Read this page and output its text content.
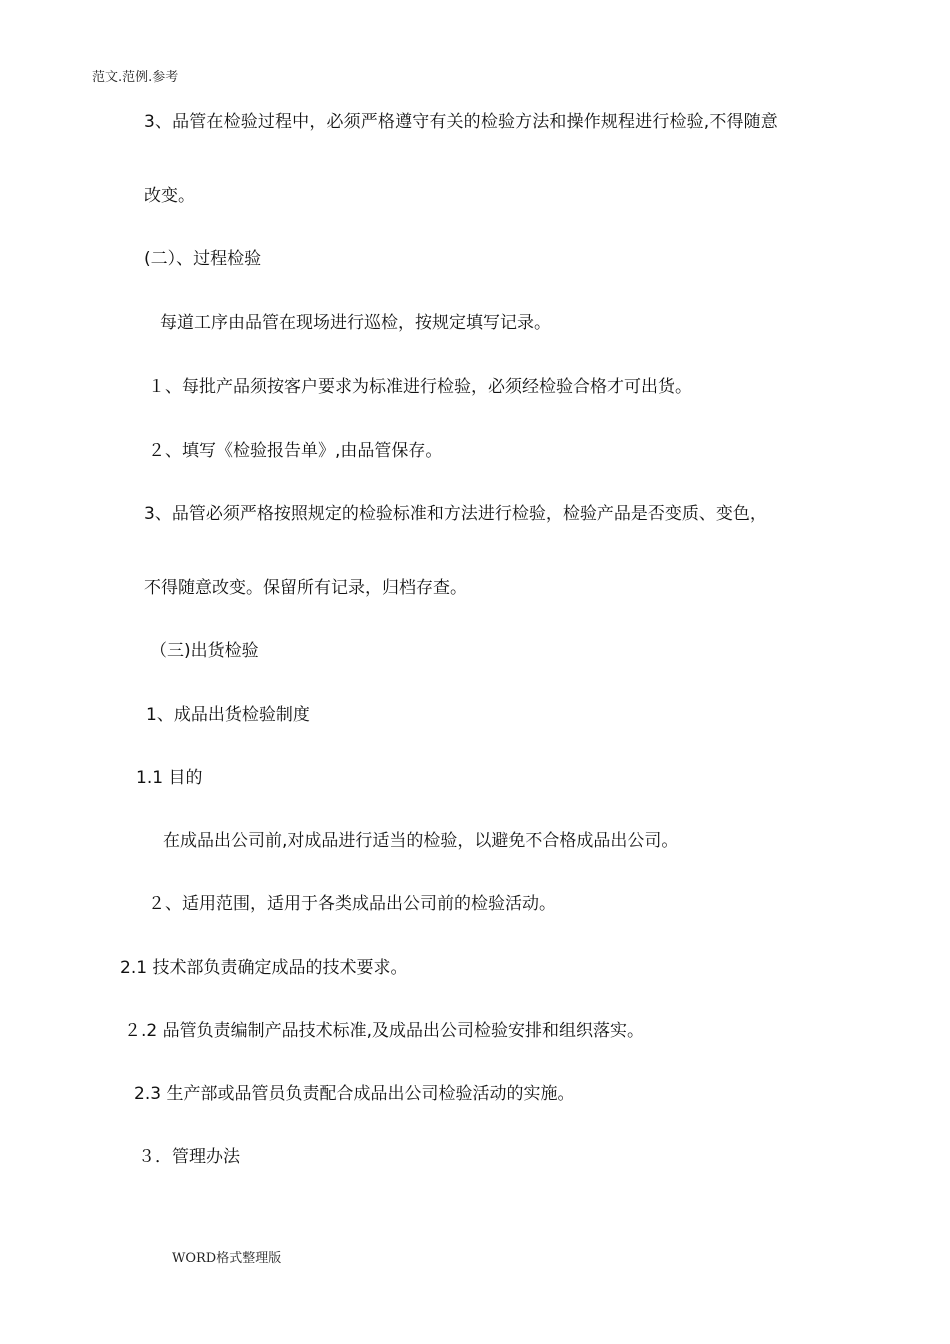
范文.范例.参考
3、品管在检验过程中，必须严格遵守有关的检验方法和操作规程进行检验,不得随意
改变。
(二）、过程检验
每道工序由品管在现场进行巡检，按规定填写记录。
１、每批产品须按客户要求为标准进行检验，必须经检验合格才可出货。
２、填写《检验报告单》,由品管保存。
3、品管必须严格按照规定的检验标准和方法进行检验，检验产品是否变质、变色，
不得随意改变。保留所有记录，归档存查。
（三)出货检验
1、成品出货检验制度
1.1 目的
在成品出公司前,对成品进行适当的检验，以避免不合格成品出公司。
２、适用范围，适用于各类成品出公司前的检验活动。
2.1 技术部负责确定成品的技术要求。
２.2 品管负责编制产品技术标准,及成品出公司检验安排和组织落实。
2.3 生产部或品管员负责配合成品出公司检验活动的实施。
３．管理办法
WORD格式整理版
